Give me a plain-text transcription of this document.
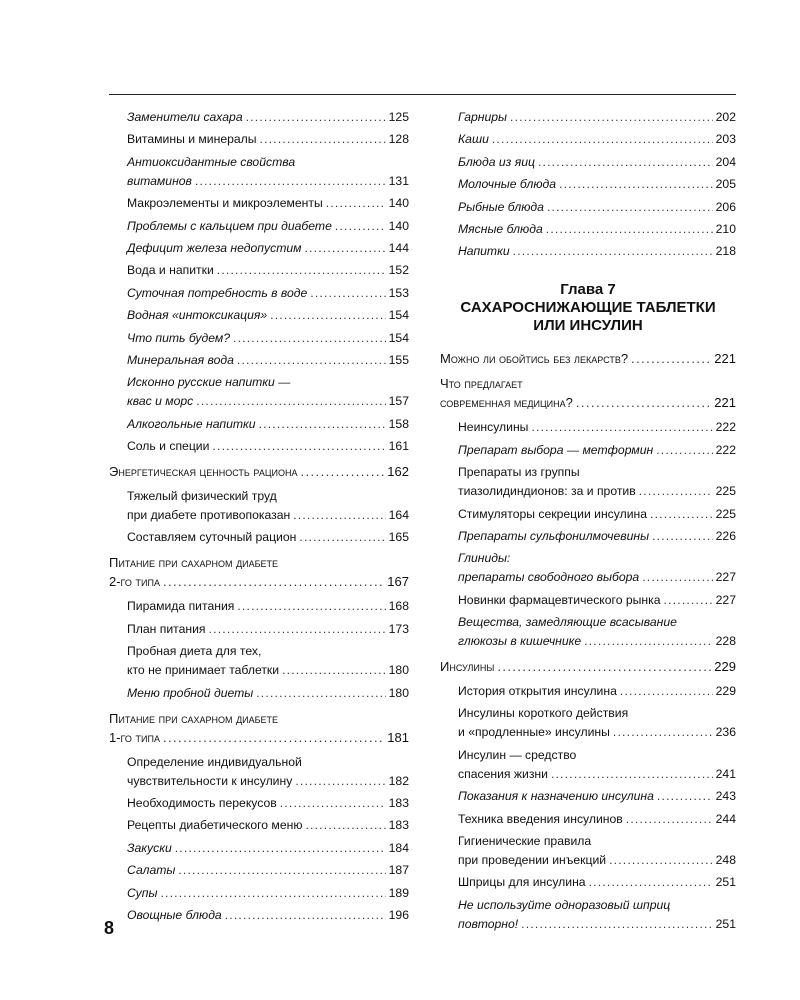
Заменители сахара . . .	125
Витамины и минералы . . .	128
Антиоксидантные свойства
витаминов . . .	131
Макроэлементы и микроэлементы . . .	140
Проблемы с кальцием при диабете . . .	140
Дефицит железа недопустим . . .	144
Вода и напитки . . .	152
Суточная потребность в воде . . .	153
Водная «интоксикация» . . .	154
Что пить будем? . . .	154
Минеральная вода . . .	155
Исконно русские напитки —
квас и морс . . .	157
Алкогольные напитки . . .	158
Соль и специи . . .	161
Энергетическая ценность рациона . . .	162
Тяжелый физический труд
при диабете противопоказан . . .	164
Составляем суточный рацион . . .	165
Питание при сахарном диабете
2-го типа . . .	167
Пирамида питания . . .	168
План питания . . .	173
Пробная диета для тех,
кто не принимает таблетки . . .	180
Меню пробной диеты . . .	180
Питание при сахарном диабете
1-го типа . . .	181
Определение индивидуальной
чувствительности к инсулину . . .	182
Необходимость перекусов . . .	183
Рецепты диабетического меню . . .	183
Закуски . . .	184
Салаты . . .	187
Супы . . .	189
Овощные блюда . . .	196
Гарниры . . .	202
Каши . . .	203
Блюда из яиц . . .	204
Молочные блюда . . .	205
Рыбные блюда . . .	206
Мясные блюда . . .	210
Напитки . . .	218
Глава 7
САХАРОСНИЖАЮЩИЕ ТАБЛЕТКИ
ИЛИ ИНСУЛИН
Можно ли обойтись без лекарств? . . .	221
Что предлагает
современная медицина? . . .	221
Неинсулины . . .	222
Препарат выбора — метформин . . .	222
Препараты из группы
тиазолидиндионов: за и против . . .	225
Стимуляторы секреции инсулина . . .	225
Препараты сульфонилмочевины . . .	226
Глиниды:
препараты свободного выбора . . .	227
Новинки фармацевтического рынка . . .	227
Вещества, замедляющие всасывание
глюкозы в кишечнике . . .	228
Инсулины . . .	229
История открытия инсулина . . .	229
Инсулины короткого действия
и «продленные» инсулины . . .	236
Инсулин — средство
спасения жизни . . .	241
Показания к назначению инсулина . . .	243
Техника введения инсулинов . . .	244
Гигиенические правила
при проведении инъекций . . .	248
Шприцы для инсулина . . .	251
Не используйте одноразовый шприц
повторно! . . .	251
8
